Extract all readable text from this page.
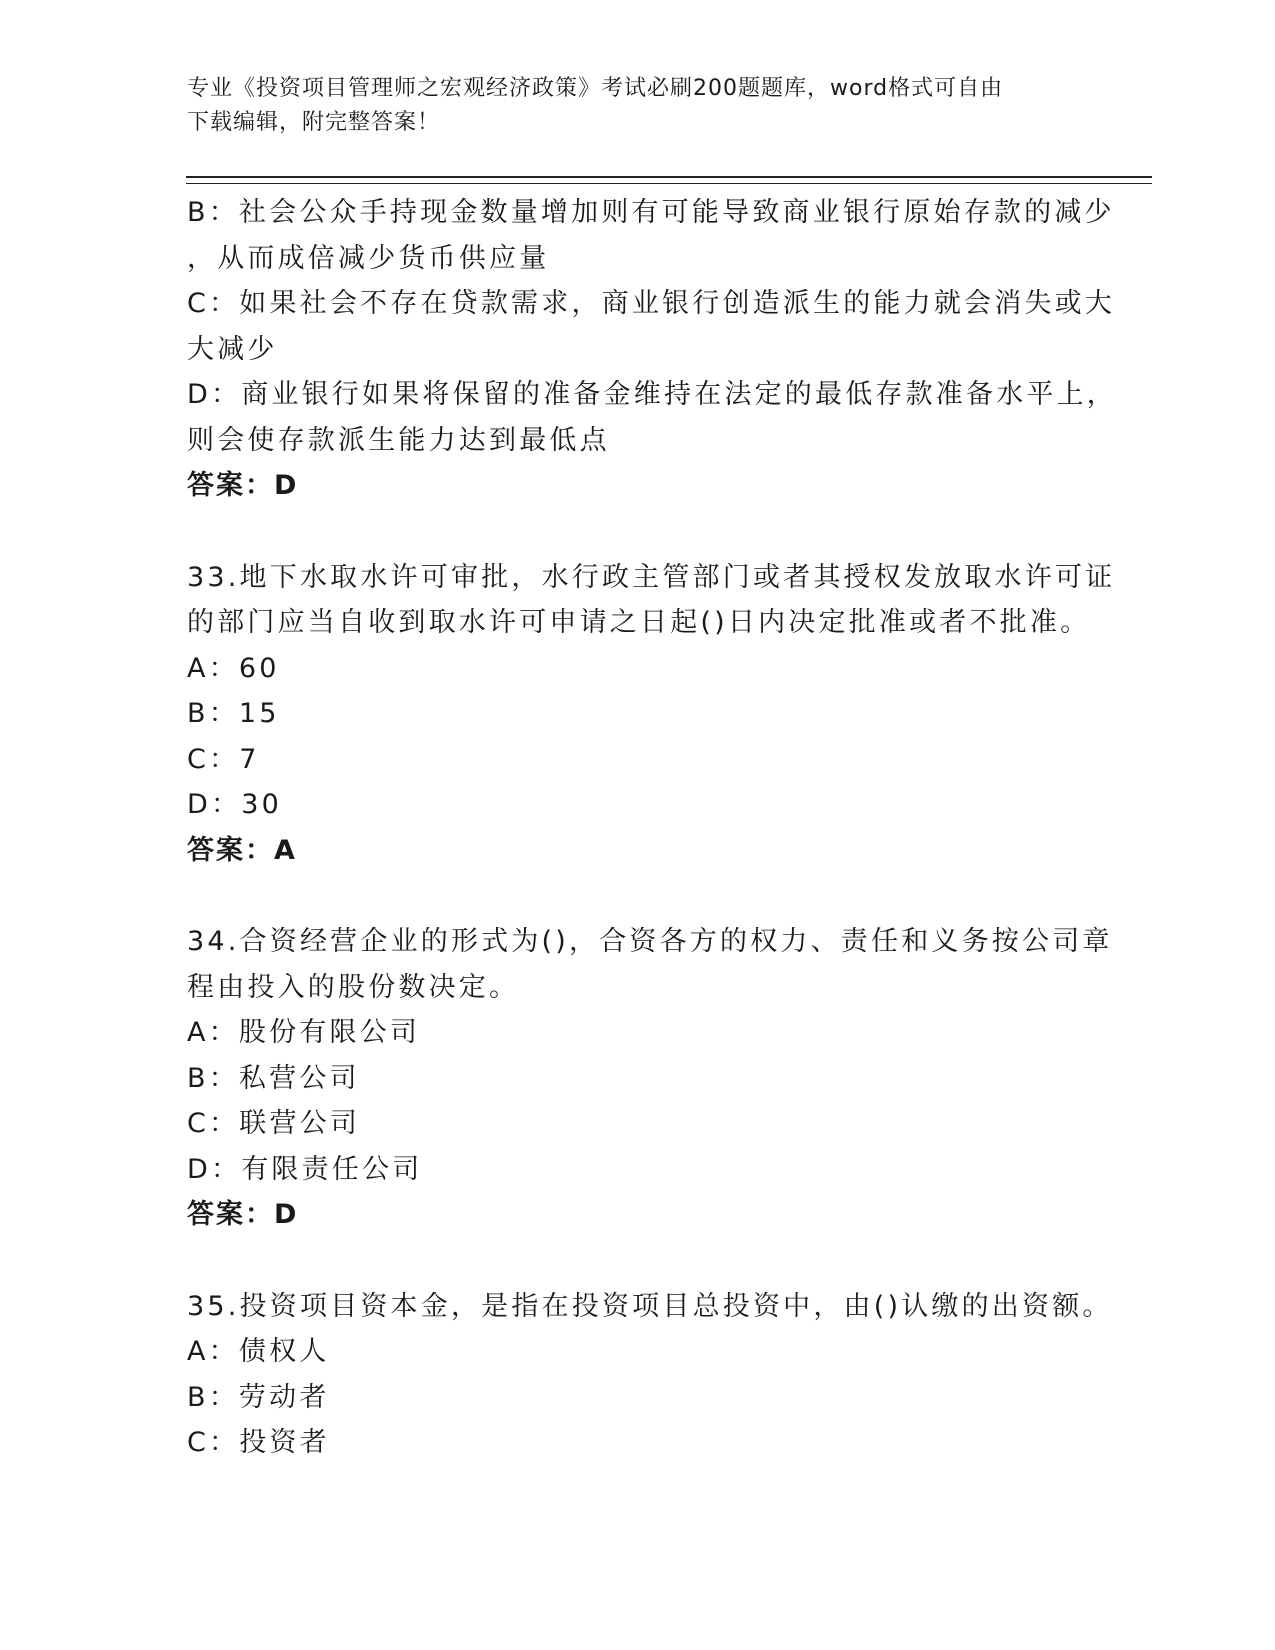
专业《投资项目管理师之宏观经济政策》考试必刷200题题库，word格式可自由
下载编辑，附完整答案！

B：社会公众手持现金数量增加则有可能导致商业银行原始存款的减少

，从而成倍减少货币供应量

C：如果社会不存在贷款需求，商业银行创造派生的能力就会消失或大

大减少

D：商业银行如果将保留的准备金维持在法定的最低存款准备水平上，

则会使存款派生能力达到最低点

答案：D

33.地下水取水许可审批，水行政主管部门或者其授权发放取水许可证

的部门应当自收到取水许可申请之日起()日内决定批准或者不批准。

A：60

B：15

C：7

D：30

答案：A

34.合资经营企业的形式为()，合资各方的权力、责任和义务按公司章

程由投入的股份数决定。

A：股份有限公司

B：私营公司

C：联营公司

D：有限责任公司

答案：D

35.投资项目资本金，是指在投资项目总投资中，由()认缴的出资额。

A：债权人

B：劳动者

C：投资者
